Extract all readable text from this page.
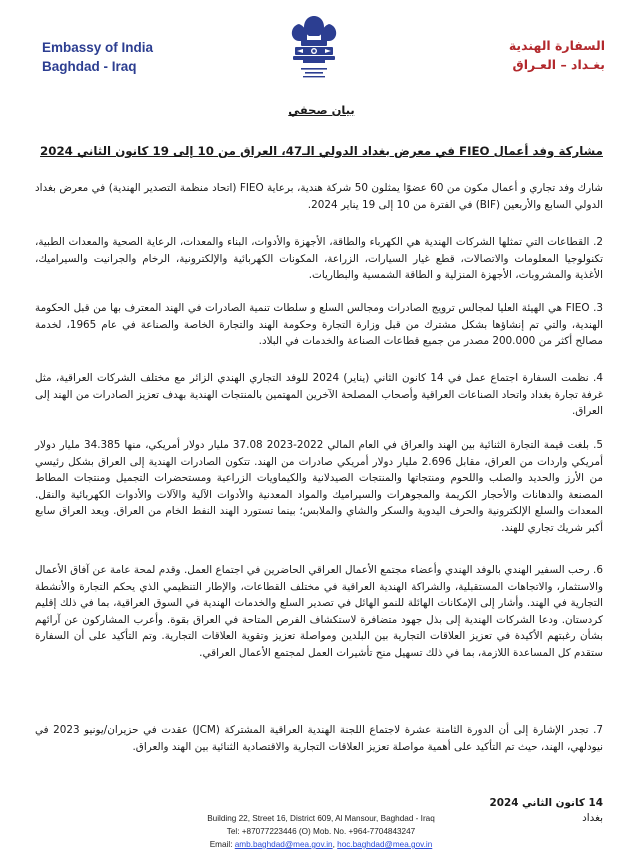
Embassy of India
Baghdad - Iraq
السفارة الهندية
بغـداد – العـراق
بيان صحفي
مشاركة وفد أعمال FIEO في معرض بغداد الدولي الـ47، العراق من 10 إلى 19 كانون الثاني 2024
شارك وفد تجاري و أعمال مكون من 60 عضوًا يمثلون 50 شركة هندية، برعاية FIEO (اتحاد منظمة التصدير الهندية) في معرض بغداد الدولي السابع والأربعين (BIF) في الفترة من 10 إلى 19 يناير 2024.
2. القطاعات التي تمثلها الشركات الهندية هي الكهرباء والطاقة، الأجهزة والأدوات، البناء والمعدات، الرعاية الصحية والمعدات الطبية، تكنولوجيا المعلومات والاتصالات، قطع غيار السيارات، الزراعة، المكونات الكهربائية والإلكترونية، الرخام والجرانيت والسيراميك، الأغذية والمشروبات، الأجهزة المنزلية و الطاقة الشمسية والبطاريات.
3. FIEO هي الهيئة العليا لمجالس ترويج الصادرات ومجالس السلع و سلطات تنمية الصادرات في الهند المعترف بها من قبل الحكومة الهندية، والتي تم إنشاؤها بشكل مشترك من قبل وزارة التجارة وحكومة الهند والتجارة الخاصة والصناعة في عام 1965، لخدمة مصالح أكثر من 200.000 مصدر من جميع قطاعات الصناعة والخدمات في البلاد.
4. نظمت السفارة اجتماع عمل في 14 كانون الثاني (يناير) 2024 للوفد التجاري الهندي الزائر مع مختلف الشركات العراقية، مثل غرفة تجارة بغداد واتحاد الصناعات العراقية وأصحاب المصلحة الآخرين المهتمين بالمنتجات الهندية بهدف تعزيز الصادرات من الهند إلى العراق.
5. بلغت قيمة التجارة الثنائية بين الهند والعراق في العام المالي 2022-2023 37.08 مليار دولار أمريكي، منها 34.385 مليار دولار أمريكي واردات من العراق، مقابل 2.696 مليار دولار أمريكي صادرات من الهند. تتكون الصادرات الهندية إلى العراق بشكل رئيسي من الأرز والحديد والصلب واللحوم ومنتجاتها والمنتجات الصيدلانية والكيماويات الزراعية ومستحضرات التجميل ومنتجات المطاط المصنعة والدهانات والأحجار الكريمة والمجوهرات والسيراميك والمواد المعدنية والأدوات الآلية والآلات والأدوات الكهربائية والنقل. المعدات والسلع الإلكترونية والحرف اليدوية والسكر والشاي والملابس؛ بينما تستورد الهند النفط الخام من العراق. ويعد العراق سابع أكبر شريك تجاري للهند.
6. رحب السفير الهندي بالوفد الهندي وأعضاء مجتمع الأعمال العراقي الحاضرين في اجتماع العمل. وقدم لمحة عامة عن آفاق الأعمال والاستثمار، والاتجاهات المستقبلية، والشراكة الهندية العراقية في مختلف القطاعات، والإطار التنظيمي الذي يحكم التجارة والأنشطة التجارية في الهند. وأشار إلى الإمكانات الهائلة للنمو الهائل في تصدير السلع والخدمات الهندية في السوق العراقية، بما في ذلك إقليم كردستان. ودعا الشركات الهندية إلى بذل جهود متضافرة لاستكشاف الفرص المتاحة في العراق بقوة. وأعرب المشاركون عن آرائهم بشأن رغبتهم الأكيدة في تعزيز العلاقات التجارية بين البلدين ومواصلة تعزيز وتقوية العلاقات التجارية. وتم التأكيد على أن السفارة ستقدم كل المساعدة اللازمة، بما في ذلك تسهيل منح تأشيرات العمل لمجتمع الأعمال العراقي.
7. تجدر الإشارة إلى أن الدورة الثامنة عشرة لاجتماع اللجنة الهندية العراقية المشتركة (JCM) عقدت في حزيران/يونيو 2023 في نيودلهي، الهند، حيث تم التأكيد على أهمية مواصلة تعزيز العلاقات التجارية والاقتصادية الثنائية بين الهند والعراق.
14 كانون الثاني 2024
بغداد
Building 22, Street 16, District 609, Al Mansour, Baghdad - Iraq
Tel: +87077223446 (O) Mob. No. +964-7704843247
Email: amb.baghdad@mea.gov.in, hoc.baghdad@mea.gov.in
